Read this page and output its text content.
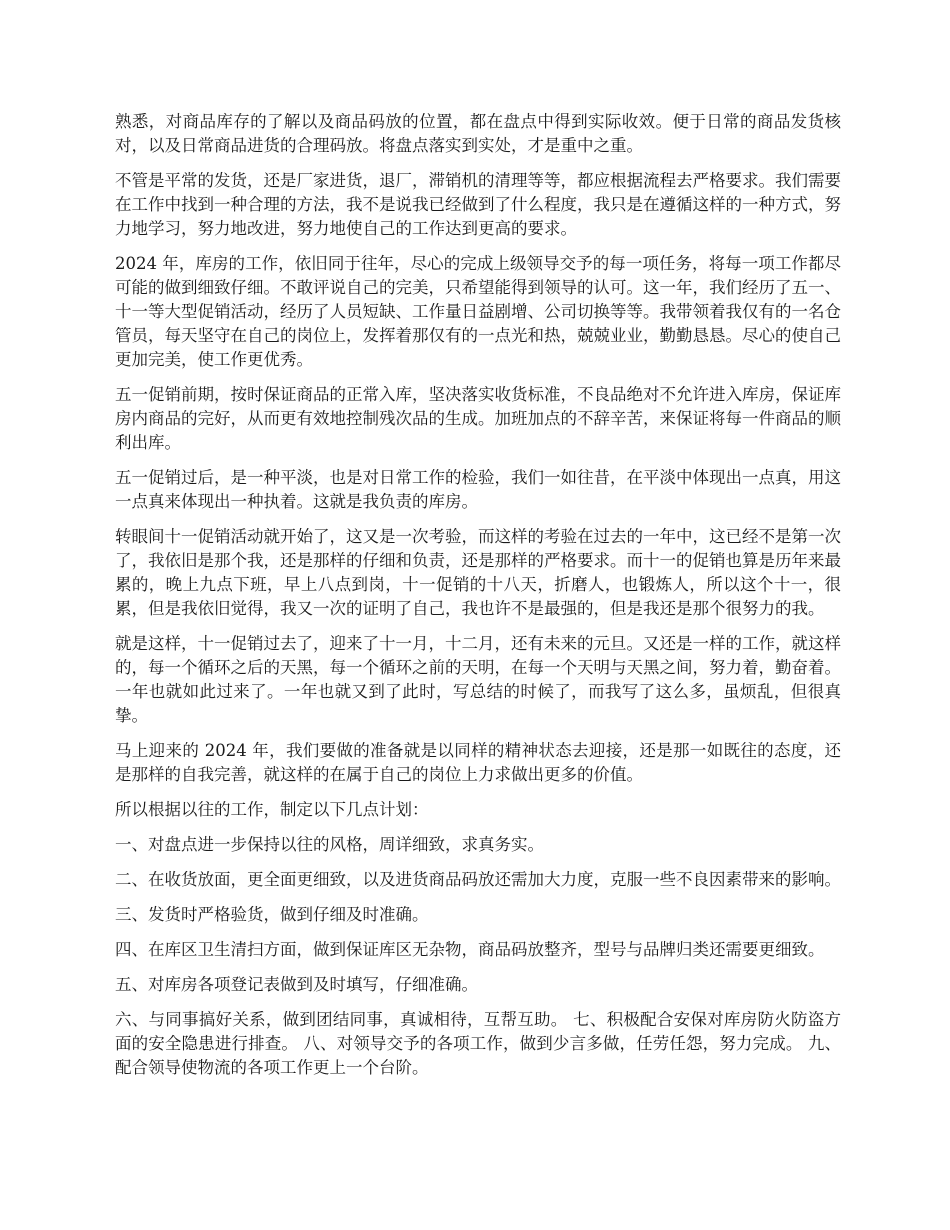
熟悉，对商品库存的了解以及商品码放的位置，都在盘点中得到实际收效。便于日常的商品发货核对，以及日常商品进货的合理码放。将盘点落实到实处，才是重中之重。

不管是平常的发货，还是厂家进货，退厂，滞销机的清理等等，都应根据流程去严格要求。我们需要在工作中找到一种合理的方法，我不是说我已经做到了什么程度，我只是在遵循这样的一种方式，努力地学习，努力地改进，努力地使自己的工作达到更高的要求。

2024 年，库房的工作，依旧同于往年，尽心的完成上级领导交予的每一项任务，将每一项工作都尽可能的做到细致仔细。不敢评说自己的完美，只希望能得到领导的认可。这一年，我们经历了五一、十一等大型促销活动，经历了人员短缺、工作量日益剧增、公司切换等等。我带领着我仅有的一名仓管员，每天坚守在自己的岗位上，发挥着那仅有的一点光和热，兢兢业业，勤勤恳恳。尽心的使自己更加完美，使工作更优秀。

五一促销前期，按时保证商品的正常入库，坚决落实收货标准，不良品绝对不允许进入库房，保证库房内商品的完好，从而更有效地控制残次品的生成。加班加点的不辞辛苦，来保证将每一件商品的顺利出库。

五一促销过后，是一种平淡，也是对日常工作的检验，我们一如往昔，在平淡中体现出一点真，用这一点真来体现出一种执着。这就是我负责的库房。

转眼间十一促销活动就开始了，这又是一次考验，而这样的考验在过去的一年中，这已经不是第一次了，我依旧是那个我，还是那样的仔细和负责，还是那样的严格要求。而十一的促销也算是历年来最累的，晚上九点下班，早上八点到岗，十一促销的十八天，折磨人，也锻炼人，所以这个十一，很累，但是我依旧觉得，我又一次的证明了自己，我也许不是最强的，但是我还是那个很努力的我。

就是这样，十一促销过去了，迎来了十一月，十二月，还有未来的元旦。又还是一样的工作，就这样的，每一个循环之后的天黑，每一个循环之前的天明，在每一个天明与天黑之间，努力着，勤奋着。一年也就如此过来了。一年也就又到了此时，写总结的时候了，而我写了这么多，虽烦乱，但很真挚。

马上迎来的 2024 年，我们要做的准备就是以同样的精神状态去迎接，还是那一如既往的态度，还是那样的自我完善，就这样的在属于自己的岗位上力求做出更多的价值。

所以根据以往的工作，制定以下几点计划：

一、对盘点进一步保持以往的风格，周详细致，求真务实。

二、在收货放面，更全面更细致，以及进货商品码放还需加大力度，克服一些不良因素带来的影响。

三、发货时严格验货，做到仔细及时准确。

四、在库区卫生清扫方面，做到保证库区无杂物，商品码放整齐，型号与品牌归类还需要更细致。

五、对库房各项登记表做到及时填写，仔细准确。

六、与同事搞好关系，做到团结同事，真诚相待，互帮互助。 七、积极配合安保对库房防火防盗方面的安全隐患进行排查。 八、对领导交予的各项工作，做到少言多做，任劳任怨，努力完成。 九、配合领导使物流的各项工作更上一个台阶。
